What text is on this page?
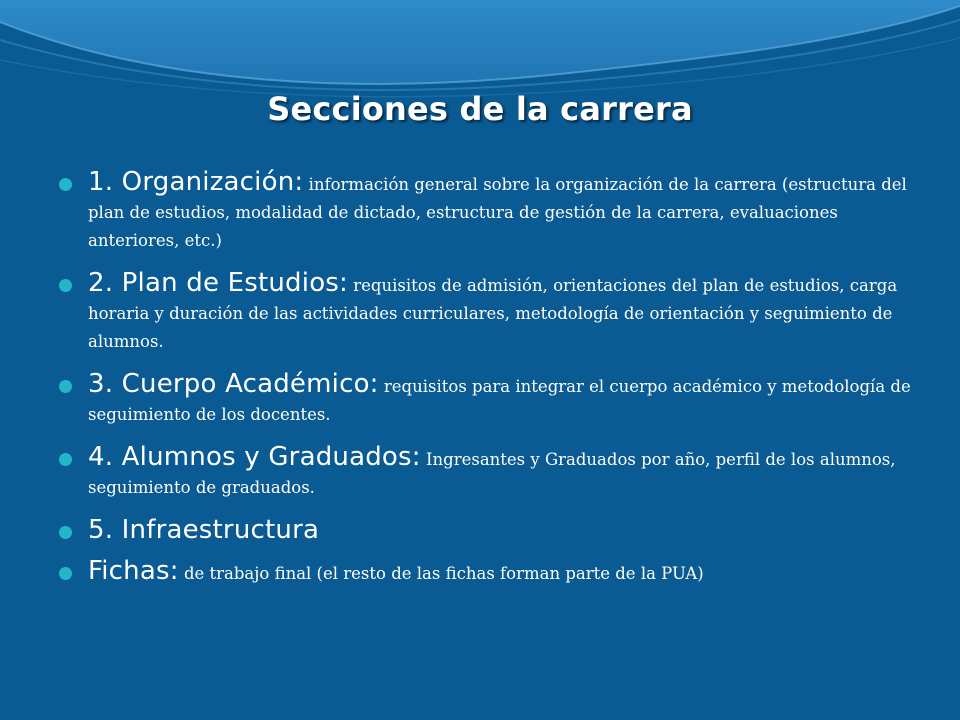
Secciones de la carrera
1. Organización: información general sobre la organización de la carrera (estructura del plan de estudios, modalidad de dictado, estructura de gestión de la carrera, evaluaciones anteriores, etc.)
2. Plan de Estudios: requisitos de admisión, orientaciones del plan de estudios, carga horaria y duración de las actividades curriculares, metodología de orientación y seguimiento de alumnos.
3. Cuerpo Académico: requisitos para integrar el cuerpo académico y metodología de seguimiento de los docentes.
4. Alumnos y Graduados: Ingresantes y Graduados por año, perfil de los alumnos, seguimiento de graduados.
5. Infraestructura
Fichas: de trabajo final (el resto de las fichas forman parte de la PUA)
